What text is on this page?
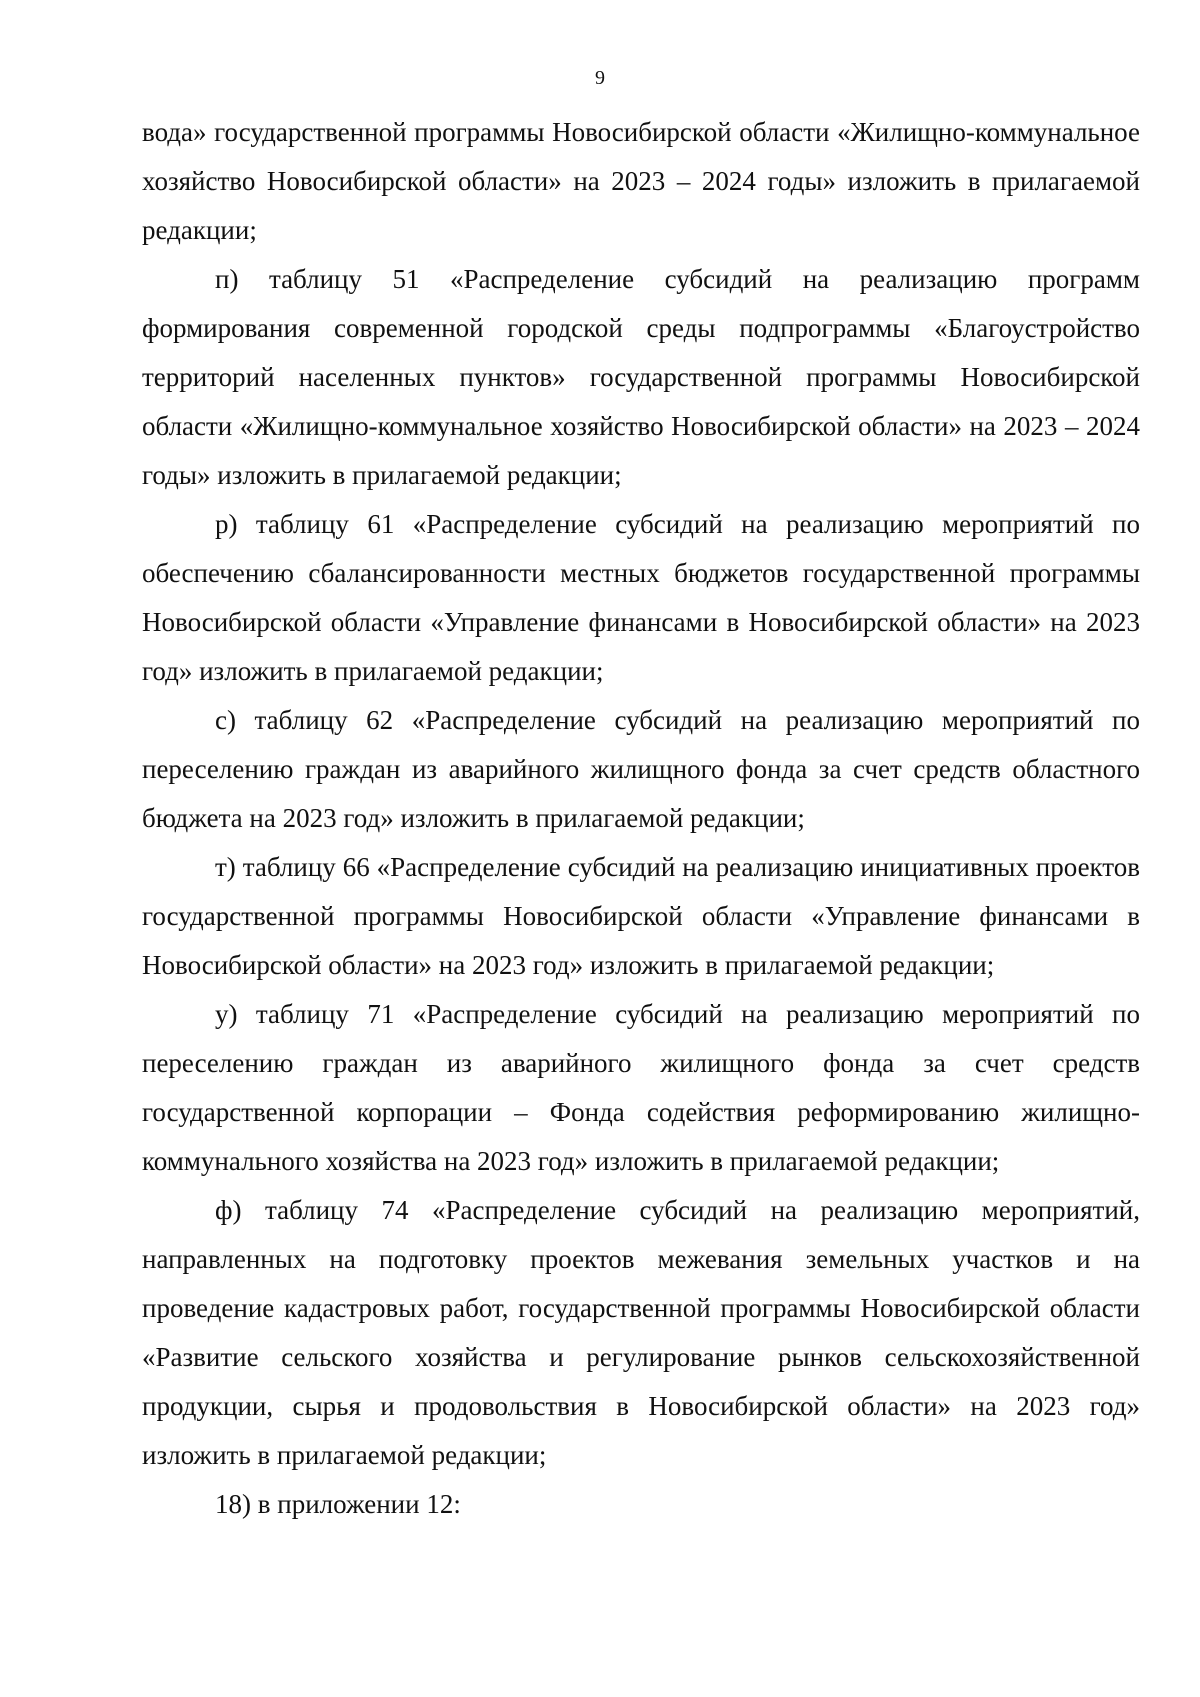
9

вода» государственной программы Новосибирской области «Жилищно-коммунальное хозяйство Новосибирской области» на 2023 – 2024 годы» изложить в прилагаемой редакции;

п) таблицу 51 «Распределение субсидий на реализацию программ формирования современной городской среды подпрограммы «Благоустройство территорий населенных пунктов» государственной программы Новосибирской области «Жилищно-коммунальное хозяйство Новосибирской области» на 2023 – 2024 годы» изложить в прилагаемой редакции;

р) таблицу 61 «Распределение субсидий на реализацию мероприятий по обеспечению сбалансированности местных бюджетов государственной программы Новосибирской области «Управление финансами в Новосибирской области» на 2023 год» изложить в прилагаемой редакции;

с) таблицу 62 «Распределение субсидий на реализацию мероприятий по переселению граждан из аварийного жилищного фонда за счет средств областного бюджета на 2023 год» изложить в прилагаемой редакции;

т) таблицу 66 «Распределение субсидий на реализацию инициативных проектов государственной программы Новосибирской области «Управление финансами в Новосибирской области» на 2023 год» изложить в прилагаемой редакции;

у) таблицу 71 «Распределение субсидий на реализацию мероприятий по переселению граждан из аварийного жилищного фонда за счет средств государственной корпорации – Фонда содействия реформированию жилищно-коммунального хозяйства на 2023 год» изложить в прилагаемой редакции;

ф) таблицу 74 «Распределение субсидий на реализацию мероприятий, направленных на подготовку проектов межевания земельных участков и на проведение кадастровых работ, государственной программы Новосибирской области «Развитие сельского хозяйства и регулирование рынков сельскохозяйственной продукции, сырья и продовольствия в Новосибирской области» на 2023 год» изложить в прилагаемой редакции;

18) в приложении 12:
